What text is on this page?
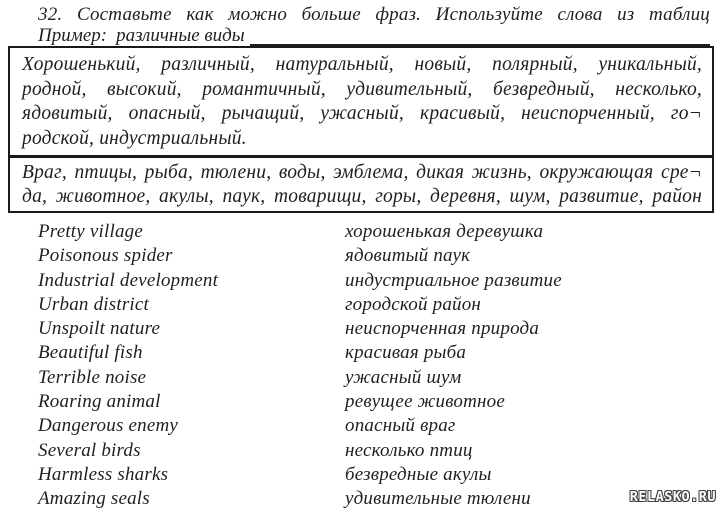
32. Составьте как можно больше фраз. Используйте слова из таблиц
Пример: различные виды
Хорошенький, различный, натуральный, новый, полярный, уникальный,
родной, высокий, романтичный, удивительный, безвредный, несколько,
ядовитый, опасный, рычащий, ужасный, красивый, неиспорченный, го¬
родской, индустриальный.
Враг, птицы, рыба, тюлени, воды, эмблема, дикая жизнь, окружающая сре¬
да, животное, акулы, паук, товарищи, горы, деревня, шум, развитие, район
Pretty village	хорошенькая деревушка
Poisonous spider	ядовитый паук
Industrial development	индустриальное развитие
Urban district	городской район
Unspoilt nature	неиспорченная природа
Beautiful fish	красивая рыба
Terrible noise	ужасный шум
Roaring animal	ревущее животное
Dangerous enemy	опасный враг
Several birds	несколько птиц
Harmless sharks	безвредные акулы
Amazing seals	удивительные тюлени	RELASKO.RU
